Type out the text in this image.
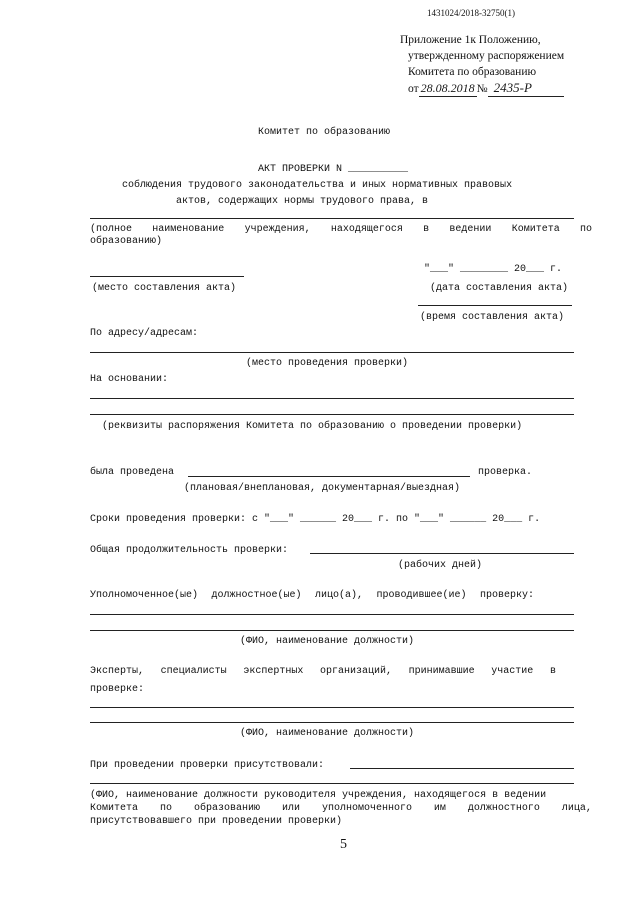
1431024/2018-32750(1)
Приложение 1к Положению,
утвержденному распоряжением
Комитета по образованию
от 28.08.2018 № 2435-Р
Комитет по образованию
АКТ ПРОВЕРКИ N __________
соблюдения трудового законодательства и иных нормативных правовых
актов, содержащих нормы трудового права, в
(полное наименование учреждения, находящегося в ведении Комитета по
образованию)
"___" ________ 20___ г.
(место составления акта)	(дата составления акта)
(время составления акта)
По адресу/адресам:
(место проведения проверки)
На основании:
(реквизиты распоряжения Комитета по образованию о проведении проверки)
была проведена	проверка.
(плановая/внеплановая, документарная/выездная)
Сроки проведения проверки: с "___" ______ 20___ г. по "___" ______ 20___ г.
Общая продолжительность проверки:
(рабочих дней)
Уполномоченное(ые) должностное(ые) лицо(а), проводившее(ие) проверку:
(ФИО, наименование должности)
Эксперты, специалисты экспертных организаций, принимавшие участие в
проверке:
(ФИО, наименование должности)
При проведении проверки присутствовали:
(ФИО, наименование должности руководителя учреждения, находящегося в ведении
Комитета по образованию или уполномоченного им должностного лица,
присутствовавшего при проведении проверки)
5
